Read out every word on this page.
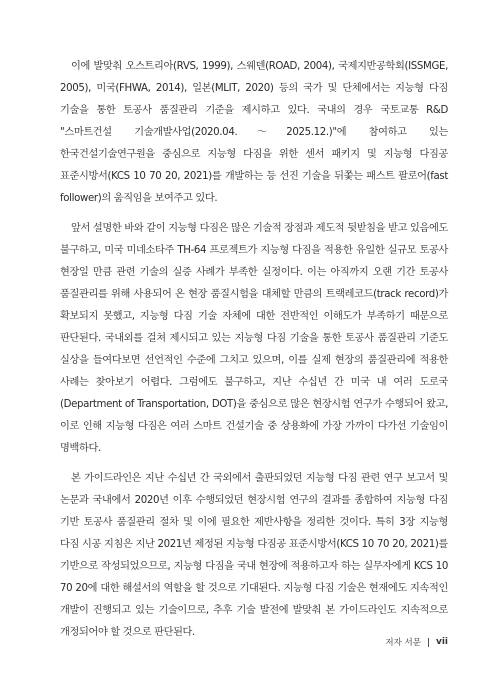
이에 발맞춰 오스트리아(RVS, 1999), 스웨덴(ROAD, 2004), 국제지반공학회(ISSMGE, 2005), 미국(FHWA, 2014), 일본(MLIT, 2020) 등의 국가 및 단체에서는 지능형 다짐 기술을 통한 토공사 품질관리 기준을 제시하고 있다. 국내의 경우 국토교통 R&D "스마트건설 기술개발사업(2020.04.～2025.12.)"에 참여하고 있는 한국건설기술연구원을 중심으로 지능형 다짐을 위한 센서 패키지 및 지능형 다짐공 표준시방서(KCS 10 70 20, 2021)를 개발하는 등 선진 기술을 뒤쫓는 패스트 팔로어(fast follower)의 움직임을 보여주고 있다.

앞서 설명한 바와 같이 지능형 다짐은 많은 기술적 장점과 제도적 뒷받침을 받고 있음에도 불구하고, 미국 미네소타주 TH-64 프로젝트가 지능형 다짐을 적용한 유일한 실규모 토공사 현장일 만큼 관련 기술의 실증 사례가 부족한 실정이다. 이는 아직까지 오랜 기간 토공사 품질관리를 위해 사용되어 온 현장 품질시험을 대체할 만큼의 트랙레코드(track record)가 확보되지 못했고, 지능형 다짐 기술 자체에 대한 전반적인 이해도가 부족하기 때문으로 판단된다. 국내외를 걸쳐 제시되고 있는 지능형 다짐 기술을 통한 토공사 품질관리 기준도 실상을 들여다보면 선언적인 수준에 그치고 있으며, 이를 실제 현장의 품질관리에 적용한 사례는 찾아보기 어렵다. 그럼에도 불구하고, 지난 수십년 간 미국 내 여러 도로국(Department of Transportation, DOT)을 중심으로 많은 현장시험 연구가 수행되어 왔고, 이로 인해 지능형 다짐은 여러 스마트 건설기술 중 상용화에 가장 가까이 다가선 기술임이 명백하다.

본 가이드라인은 지난 수십년 간 국외에서 출판되었던 지능형 다짐 관련 연구 보고서 및 논문과 국내에서 2020년 이후 수행되었던 현장시험 연구의 결과를 종합하여 지능형 다짐 기반 토공사 품질관리 절차 및 이에 필요한 제반사항을 정리한 것이다. 특히 3장 지능형 다짐 시공 지침은 지난 2021년 제정된 지능형 다짐공 표준시방서(KCS 10 70 20, 2021)를 기반으로 작성되었으므로, 지능형 다짐을 국내 현장에 적용하고자 하는 실무자에게 KCS 10 70 20에 대한 해설서의 역할을 할 것으로 기대된다. 지능형 다짐 기술은 현재에도 지속적인 개발이 진행되고 있는 기술이므로, 추후 기술 발전에 발맞춰 본 가이드라인도 지속적으로 개정되어야 할 것으로 판단된다.

저자 서문 vii
